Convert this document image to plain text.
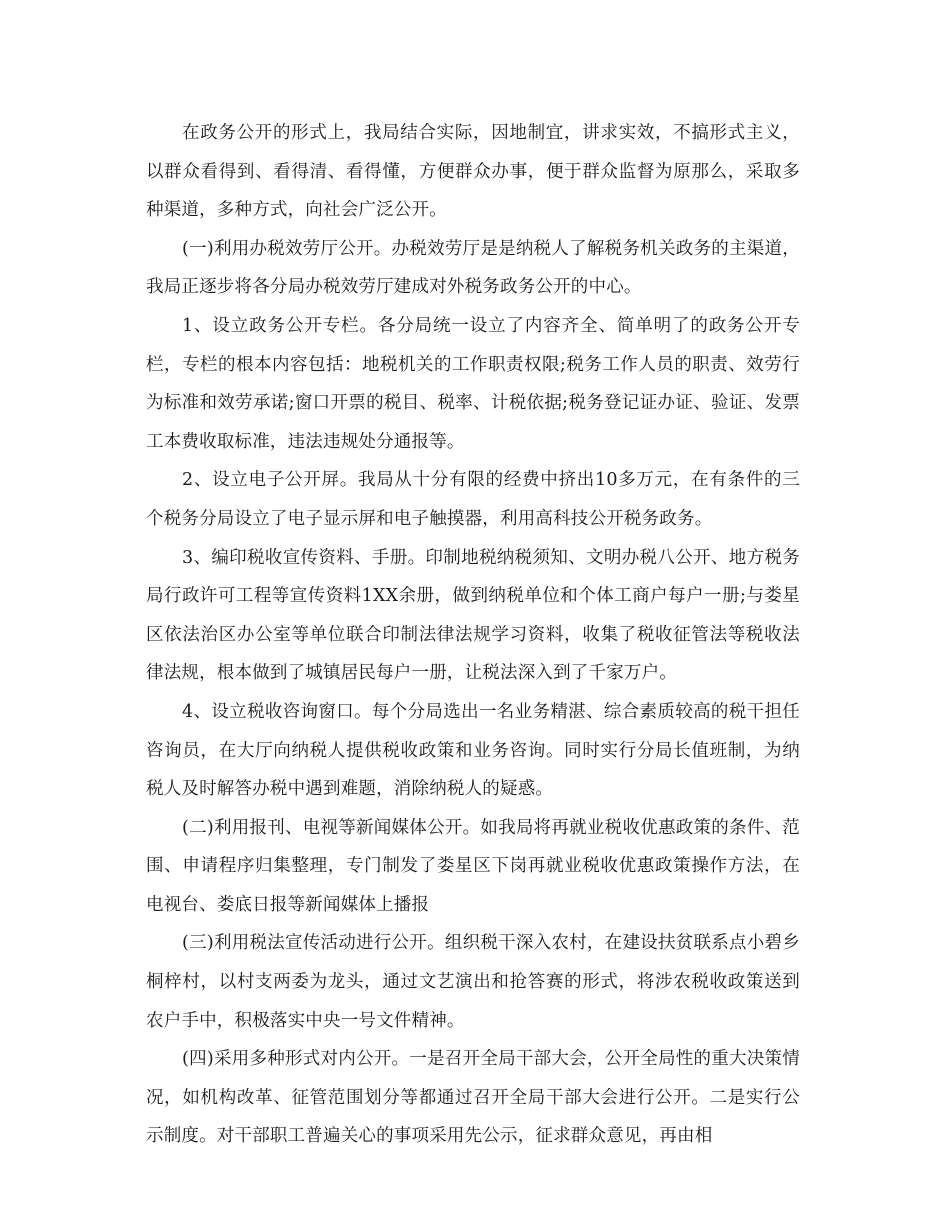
在政务公开的形式上，我局结合实际，因地制宜，讲求实效，不搞形式主义，以群众看得到、看得清、看得懂，方便群众办事，便于群众监督为原那么，采取多种渠道，多种方式，向社会广泛公开。

(一)利用办税效劳厅公开。办税效劳厅是是纳税人了解税务机关政务的主渠道，我局正逐步将各分局办税效劳厅建成对外税务政务公开的中心。

1、设立政务公开专栏。各分局统一设立了内容齐全、简单明了的政务公开专栏，专栏的根本内容包括：地税机关的工作职责权限;税务工作人员的职责、效劳行为标准和效劳承诺;窗口开票的税目、税率、计税依据;税务登记证办证、验证、发票工本费收取标准，违法违规处分通报等。

2、设立电子公开屏。我局从十分有限的经费中挤出10多万元，在有条件的三个税务分局设立了电子显示屏和电子触摸器，利用高科技公开税务政务。

3、编印税收宣传资料、手册。印制地税纳税须知、文明办税八公开、地方税务局行政许可工程等宣传资料1XX余册，做到纳税单位和个体工商户每户一册;与娄星区依法治区办公室等单位联合印制法律法规学习资料，收集了税收征管法等税收法律法规，根本做到了城镇居民每户一册，让税法深入到了千家万户。

4、设立税收咨询窗口。每个分局选出一名业务精湛、综合素质较高的税干担任咨询员，在大厅向纳税人提供税收政策和业务咨询。同时实行分局长值班制，为纳税人及时解答办税中遇到难题，消除纳税人的疑惑。

(二)利用报刊、电视等新闻媒体公开。如我局将再就业税收优惠政策的条件、范围、申请程序归集整理，专门制发了娄星区下岗再就业税收优惠政策操作方法，在电视台、娄底日报等新闻媒体上播报

(三)利用税法宣传活动进行公开。组织税干深入农村，在建设扶贫联系点小碧乡桐梓村，以村支两委为龙头，通过文艺演出和抢答赛的形式，将涉农税收政策送到农户手中，积极落实中央一号文件精神。

(四)采用多种形式对内公开。一是召开全局干部大会，公开全局性的重大决策情况，如机构改革、征管范围划分等都通过召开全局干部大会进行公开。二是实行公示制度。对干部职工普遍关心的事项采用先公示，征求群众意见，再由相
